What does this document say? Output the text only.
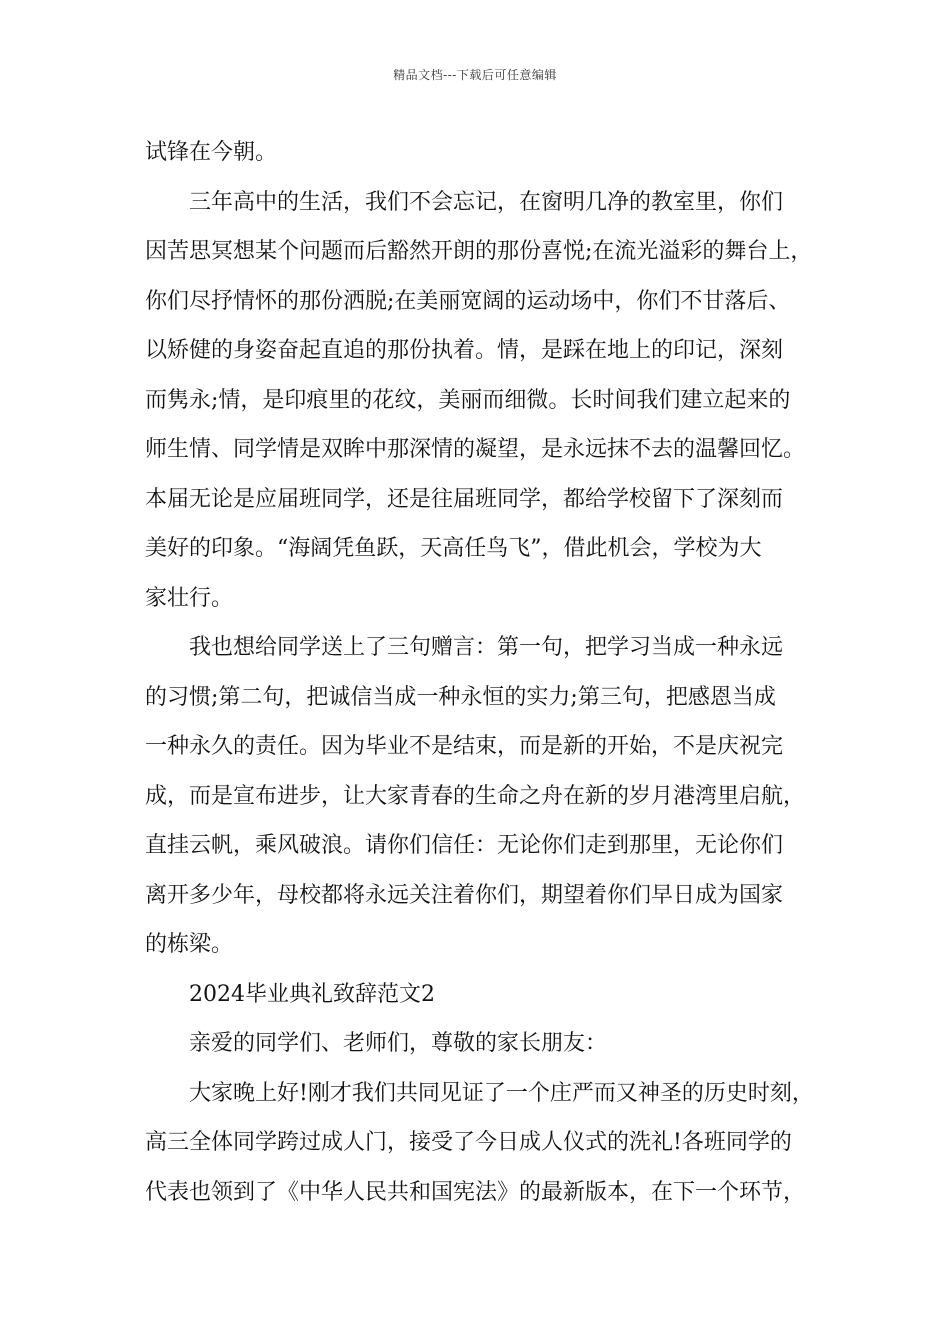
精品文档---下载后可任意编辑
试锋在今朝。
三年高中的生活，我们不会忘记，在窗明几净的教室里，你们
因苦思冥想某个问题而后豁然开朗的那份喜悦;在流光溢彩的舞台上，
你们尽抒情怀的那份洒脱;在美丽宽阔的运动场中，你们不甘落后、
以矫健的身姿奋起直追的那份执着。情，是踩在地上的印记，深刻
而隽永;情，是印痕里的花纹，美丽而细微。长时间我们建立起来的
师生情、同学情是双眸中那深情的凝望，是永远抹不去的温馨回忆。
本届无论是应届班同学，还是往届班同学，都给学校留下了深刻而
美好的印象。“海阔凭鱼跃，天高任鸟飞”，借此机会，学校为大
家壮行。
我也想给同学送上了三句赠言：第一句，把学习当成一种永远
的习惯;第二句，把诚信当成一种永恒的实力;第三句，把感恩当成
一种永久的责任。因为毕业不是结束，而是新的开始，不是庆祝完
成，而是宣布进步，让大家青春的生命之舟在新的岁月港湾里启航，
直挂云帆，乘风破浪。请你们信任：无论你们走到那里，无论你们
离开多少年，母校都将永远关注着你们，期望着你们早日成为国家
的栋梁。
2024毕业典礼致辞范文2
亲爱的同学们、老师们，尊敬的家长朋友：
大家晚上好!刚才我们共同见证了一个庄严而又神圣的历史时刻，
高三全体同学跨过成人门，接受了今日成人仪式的洗礼!各班同学的
代表也领到了《中华人民共和国宪法》的最新版本，在下一个环节，
